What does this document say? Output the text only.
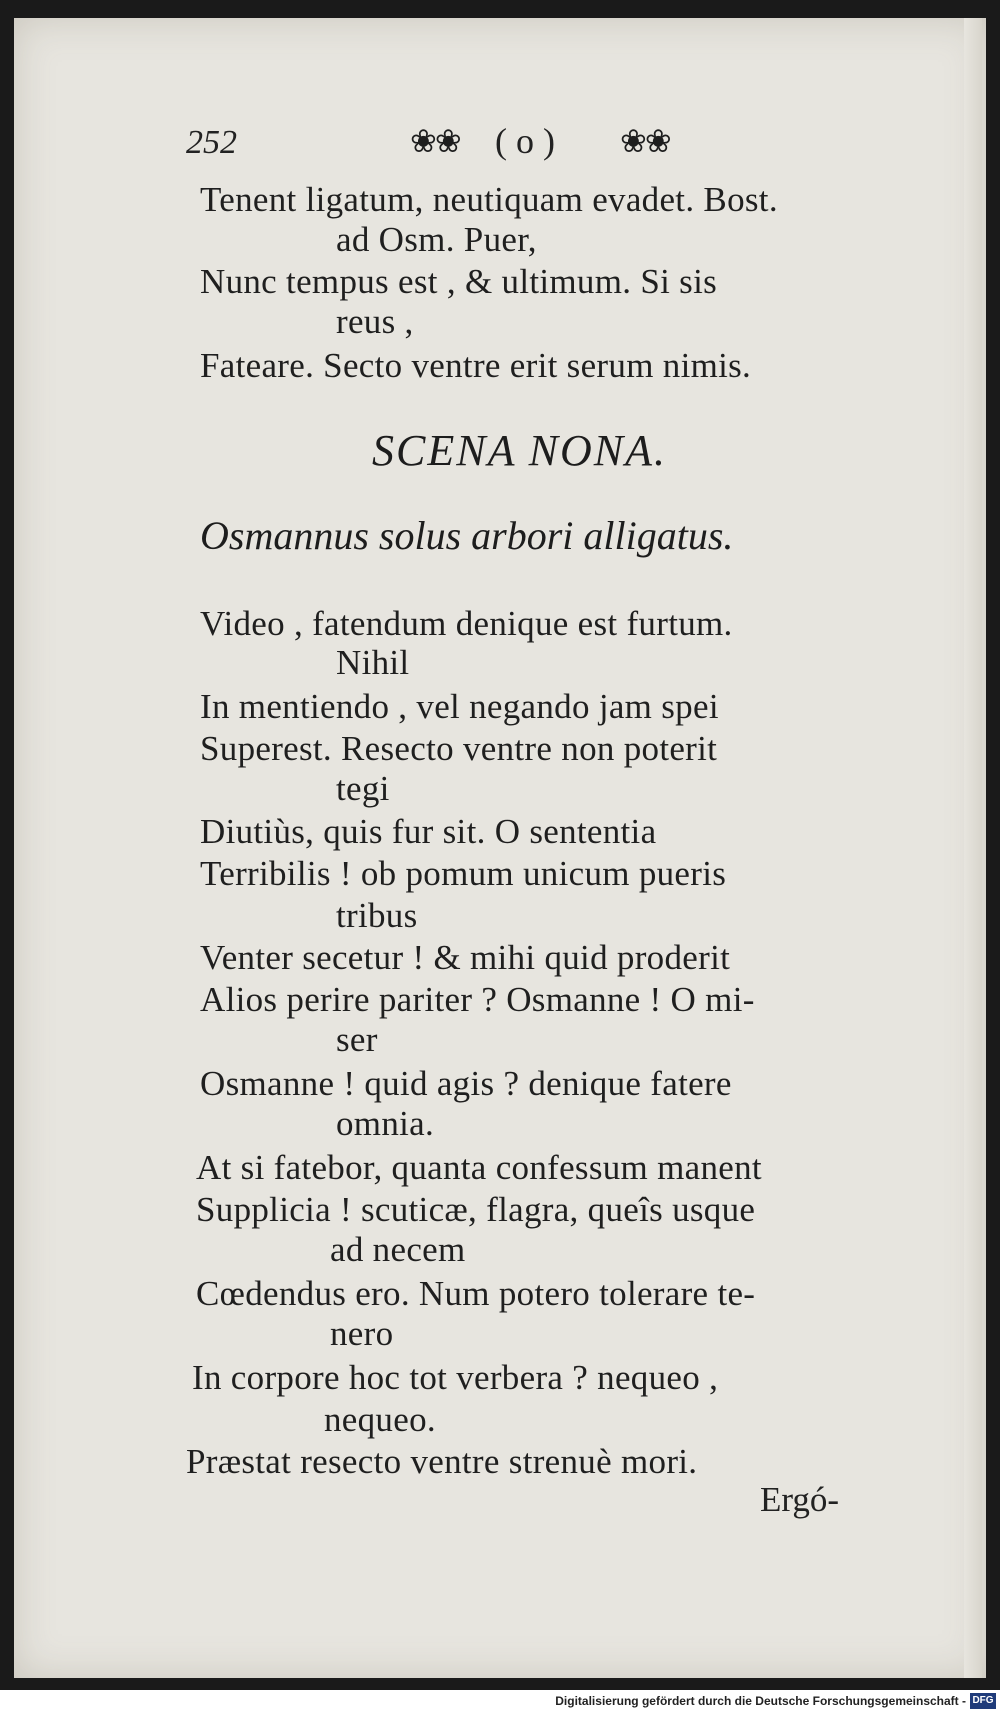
252	❀❀ ( o ) ❀❀
Tenent ligatum, neutiquam evadet. Bost.
ad Osm. Puer,
Nunc tempus est , & ultimum. Si sis
reus ,
Fateare. Secto ventre erit serum nimis.
SCENA NONA.
Osmannus solus arbori alligatus.
Video , fatendum denique est furtum.
Nihil
In mentiendo , vel negando jam spei
Superest. Resecto ventre non poterit
tegi
Diutiùs, quis fur sit. O sententia
Terribilis ! ob pomum unicum pueris
tribus
Venter secetur ! & mihi quid proderit
Alios perire pariter ? Osmanne ! O mi-
ser
Osmanne ! quid agis ? denique fatere
omnia.
At si fatebor, quanta confessum manent
Supplicia ! scuticæ, flagra, queîs usque
ad necem
Cœdendus ero. Num potero tolerare te-
nero
In corpore hoc tot verbera ? nequeo ,
nequeo.
Præstat resecto ventre strenuè mori.
Ergó-
Digitalisierung gefördert durch die Deutsche Forschungsgemeinschaft - DFG
